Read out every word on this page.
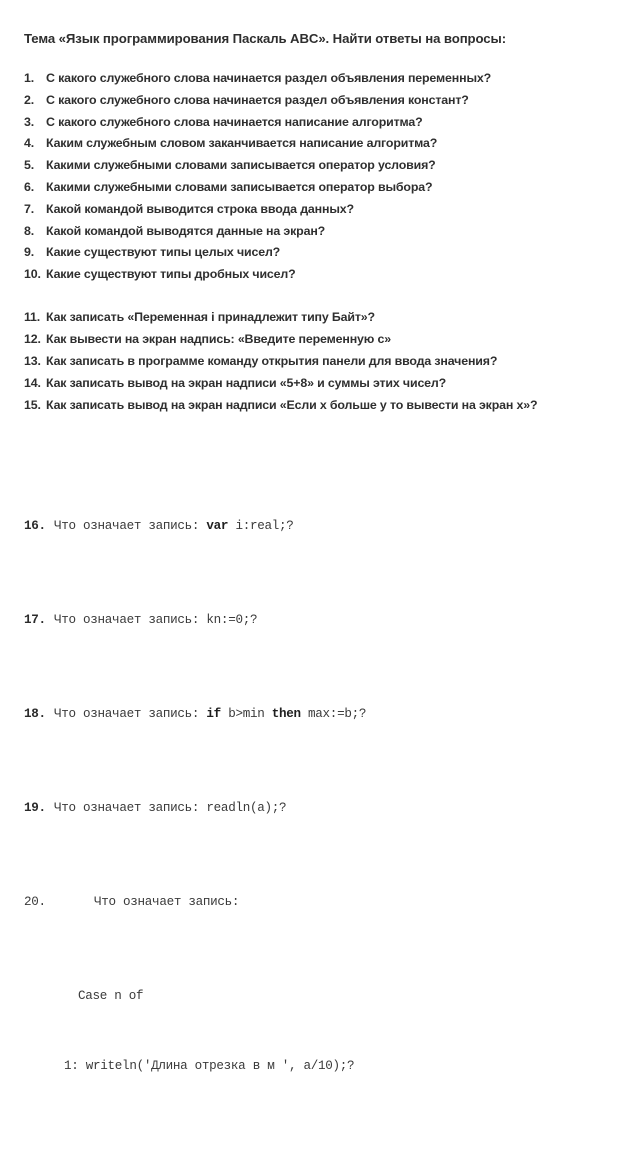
Тема «Язык программирования Паскаль ABC». Найти ответы на вопросы:
1. С какого служебного слова начинается раздел объявления переменных?
2. С какого служебного слова начинается раздел объявления констант?
3. С какого служебного слова начинается написание алгоритма?
4. Каким служебным словом заканчивается написание алгоритма?
5. Какими служебными словами записывается оператор условия?
6. Какими служебными словами записывается оператор выбора?
7. Какой командой выводится строка ввода данных?
8. Какой командой выводятся данные на экран?
9. Какие существуют типы целых чисел?
10. Какие существуют типы дробных чисел?
11. Как записать «Переменная i принадлежит типу Байт»?
12. Как вывести на экран надпись: «Введите переменную с»
13. Как записать в программе команду открытия панели для ввода значения?
14. Как записать вывод на экран надписи «5+8» и суммы этих чисел?
15. Как записать вывод на экран надписи «Если x больше y то вывести на экран x»?

16. Что означает запись: var i:real;?

17. Что означает запись: kn:=0;?

18. Что означает запись: if b>min then max:=b;?

19. Что означает запись: readln(a);?

20.	Что означает запись:

Case n of

1: writeln('Длина отрезка в м ', a/10);?
